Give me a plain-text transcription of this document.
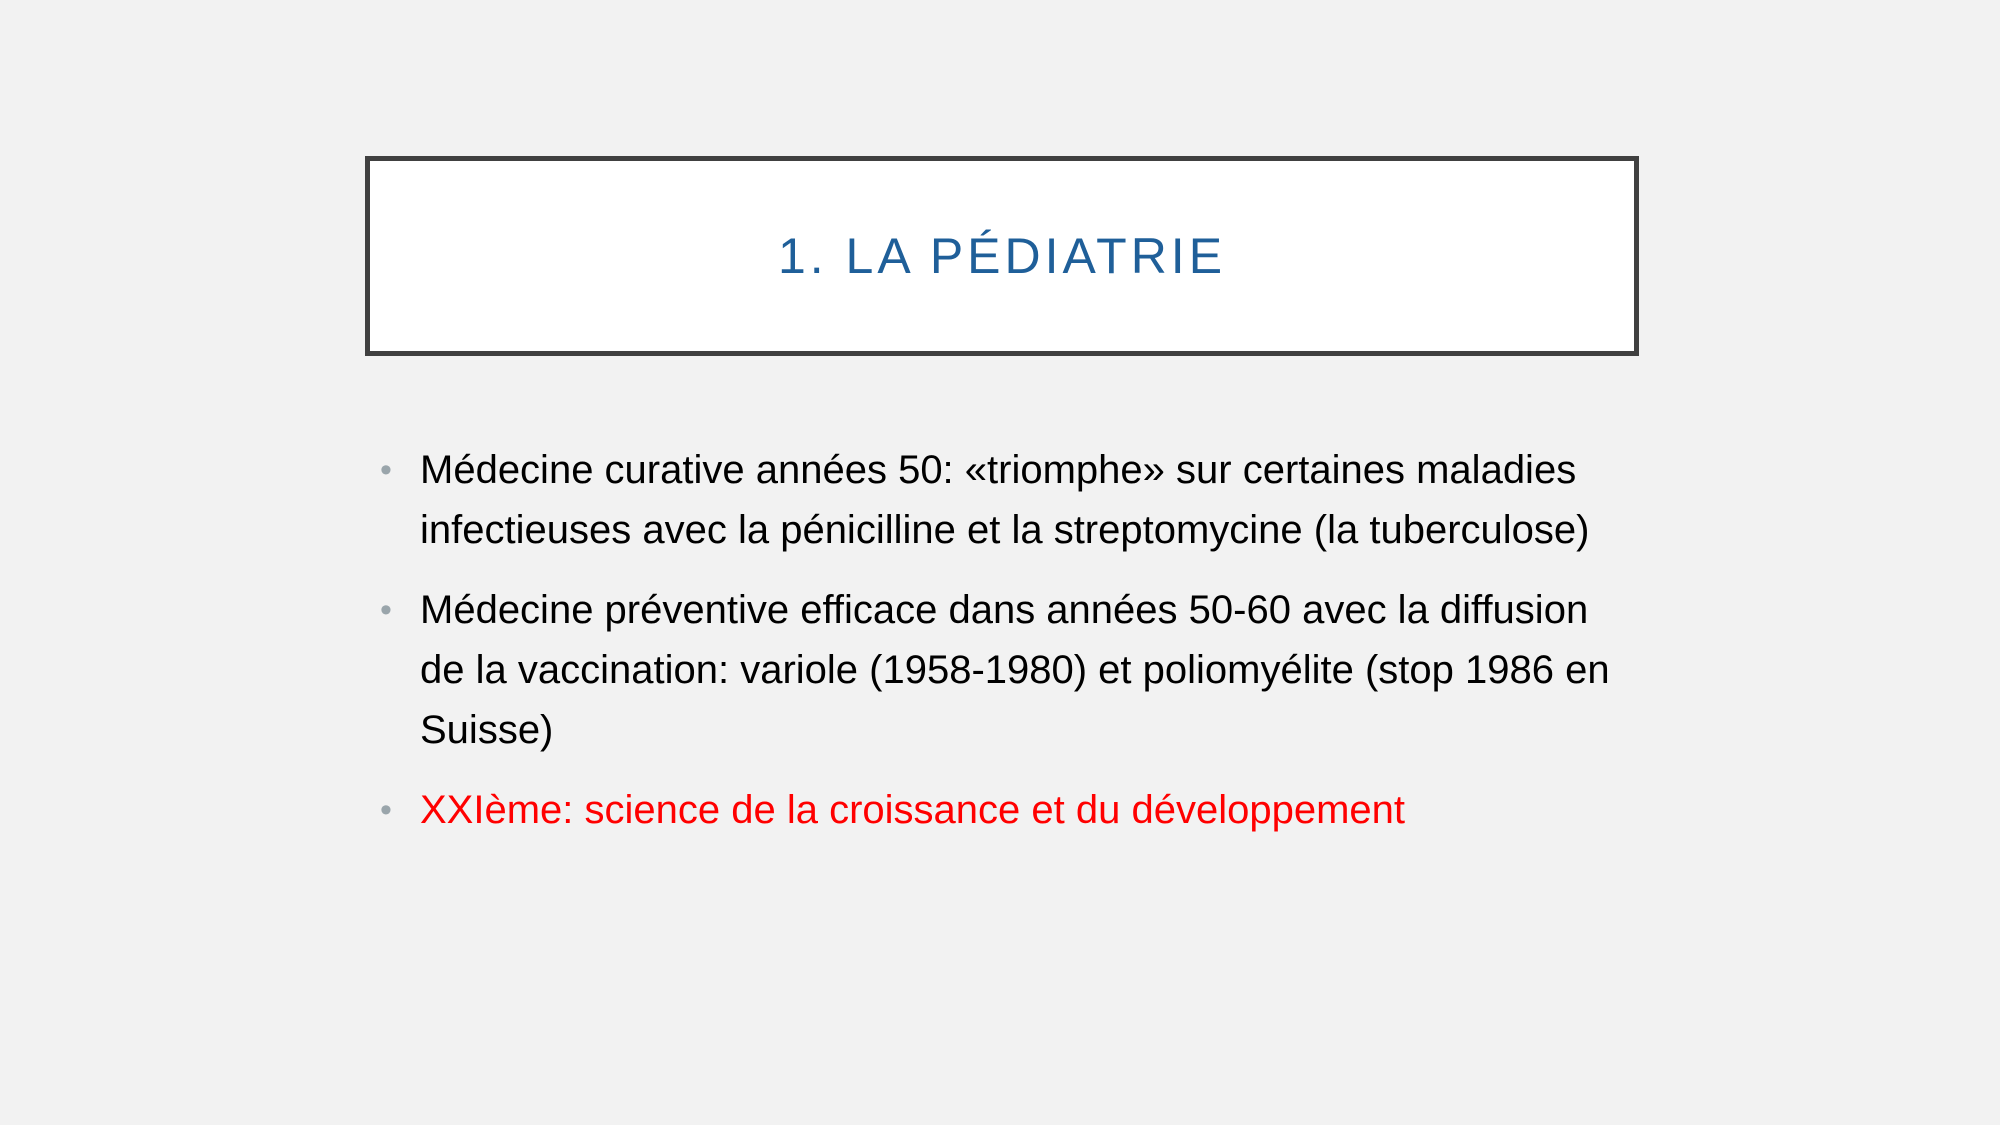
1. LA PÉDIATRIE
• Médecine curative années 50: «triomphe» sur certaines maladies infectieuses avec la pénicilline et la streptomycine (la tuberculose)
• Médecine préventive efficace dans années 50-60 avec la diffusion de la vaccination: variole (1958-1980) et poliomyélite (stop 1986 en Suisse)
• XXIème: science de la croissance et du développement
